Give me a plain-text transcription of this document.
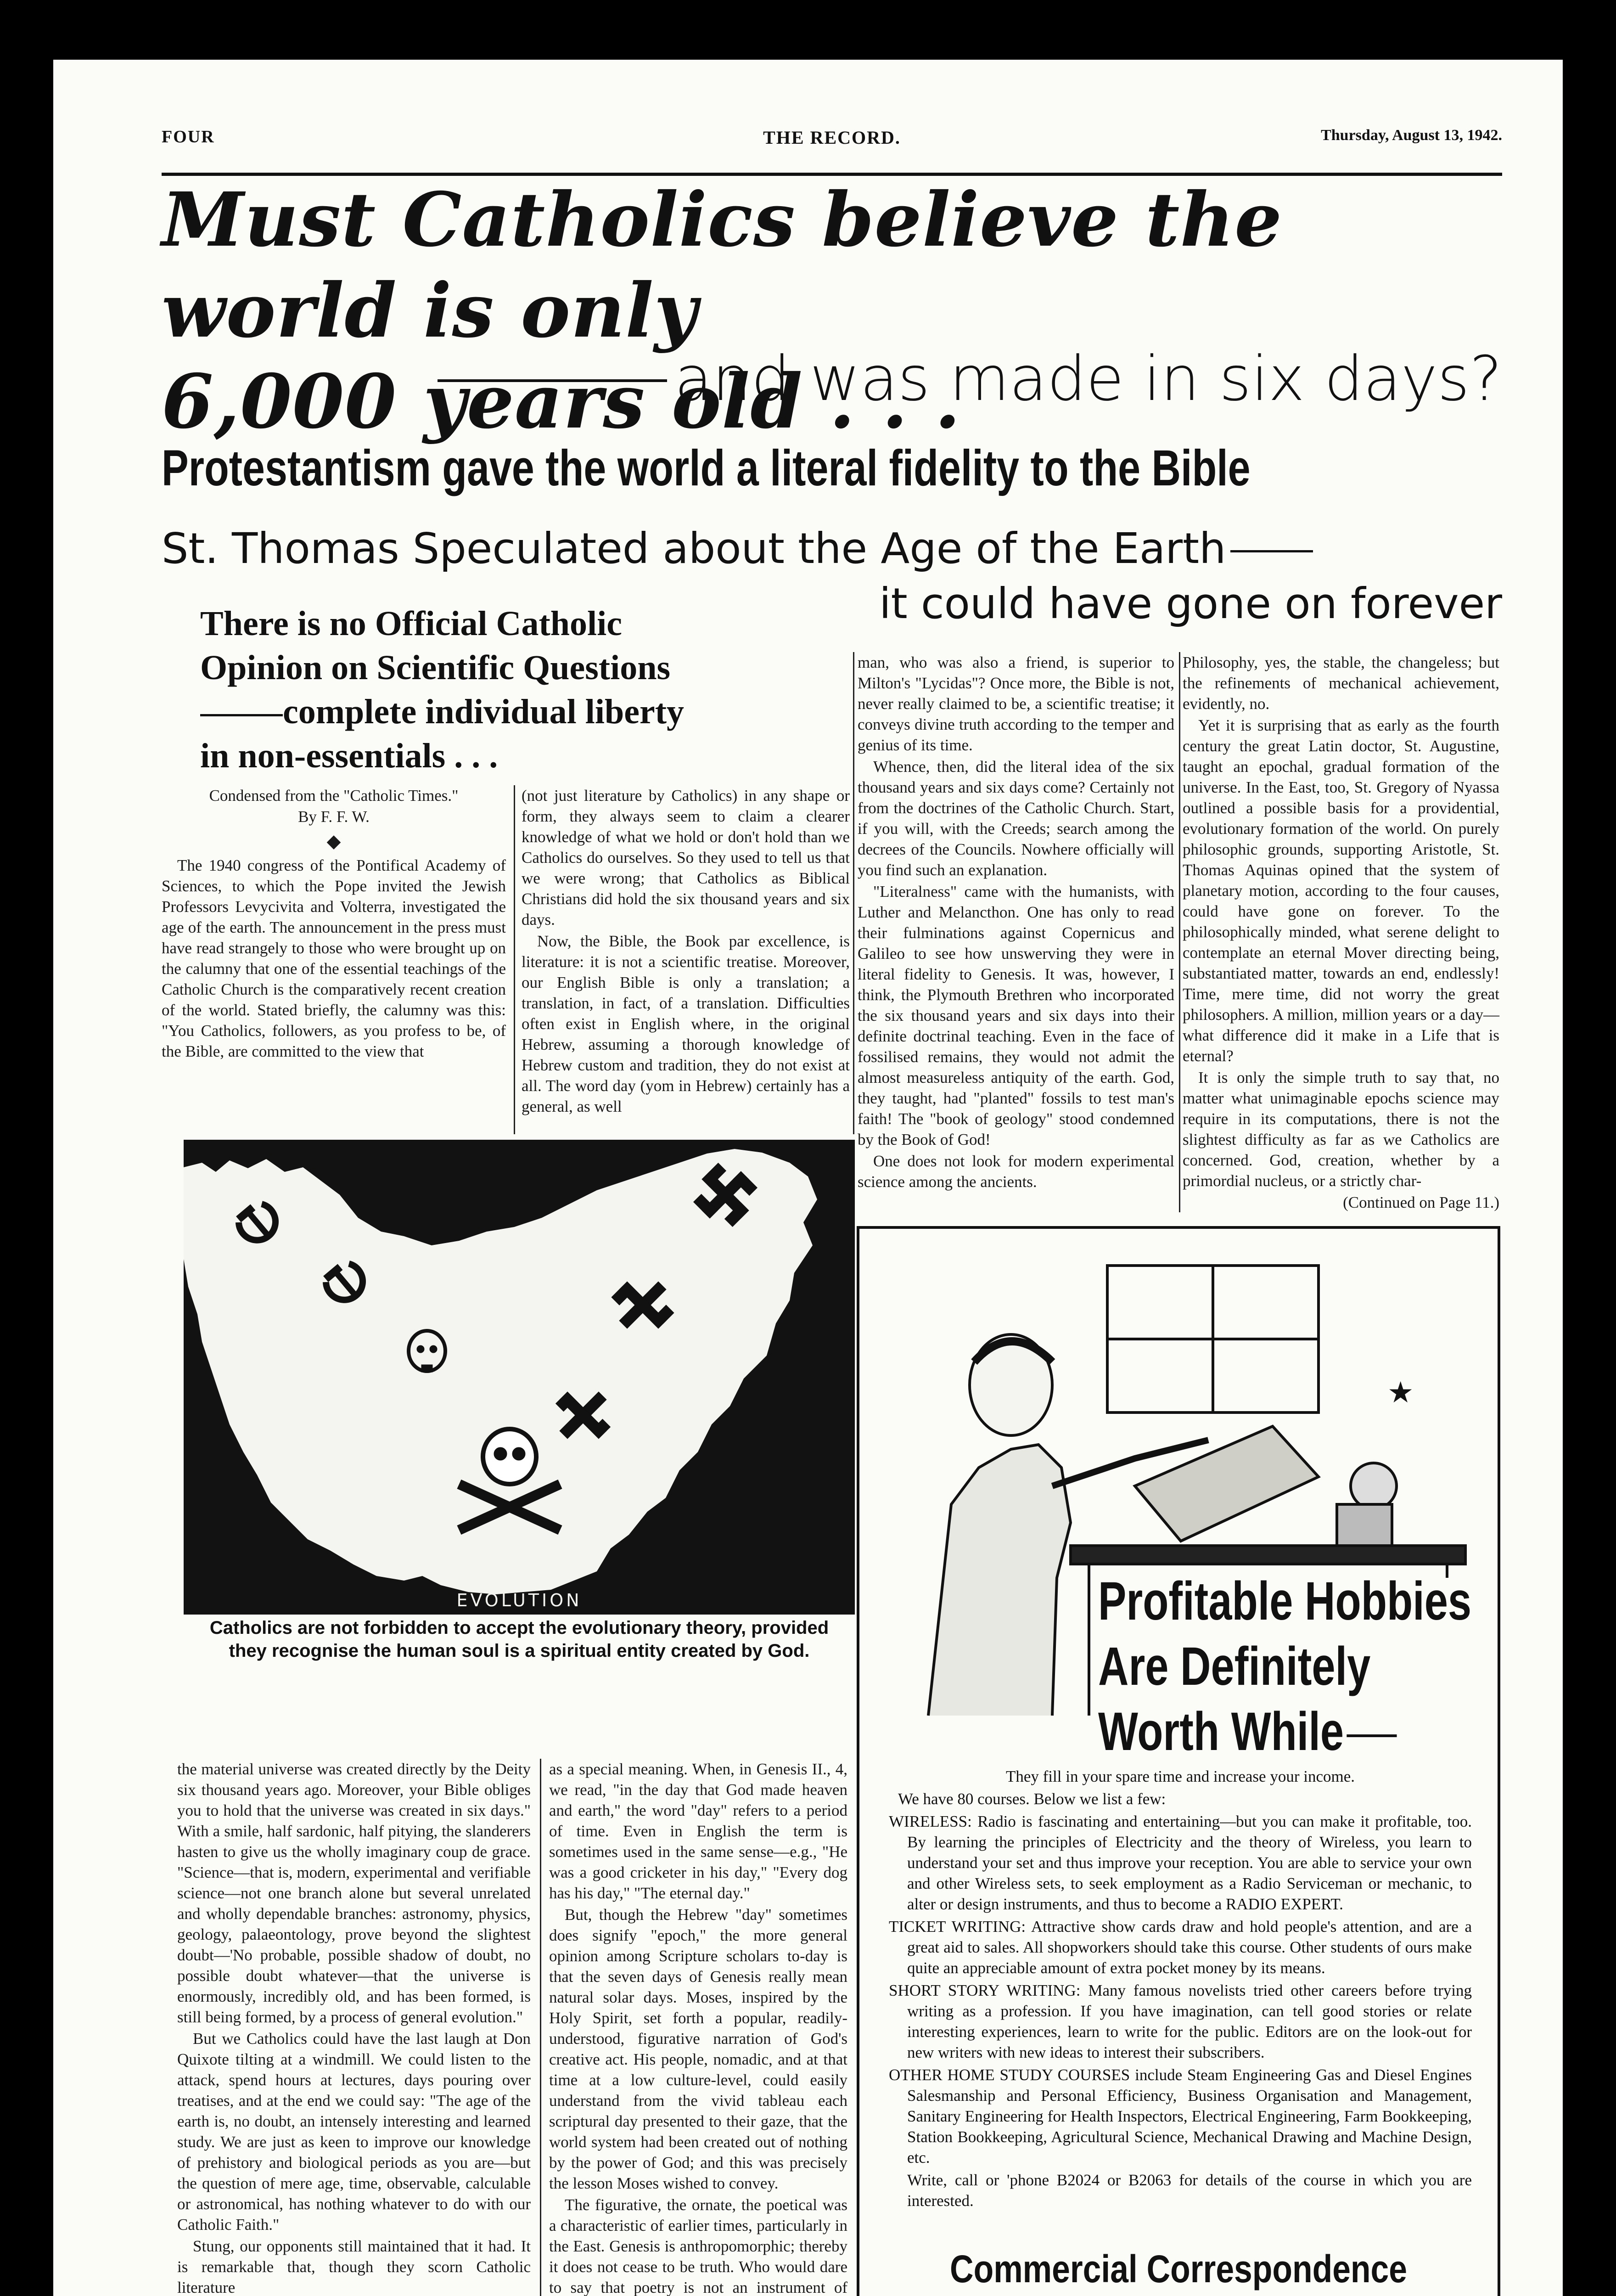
FOUR	THE RECORD.	Thursday, August 13, 1942.
Must Catholics believe the world is only
6,000 years old . . .
and was made in six days?
Protestantism gave the world a literal fidelity to the Bible
St. Thomas Speculated about the Age of the Earth
it could have gone on forever
There is no Official Catholic
Opinion on Scientific Questions
complete individual liberty
in non-essentials . . .
Condensed from the "Catholic Times."
By F. F. W.
◆

The 1940 congress of the Pontifical Academy of Sciences, to which the Pope invited the Jewish Professors Levycivita and Volterra, investigated the age of the earth. The announcement in the press must have read strangely to those who were brought up on the calumny that one of the essential teachings of the Catholic Church is the comparatively recent creation of the world. Stated briefly, the calumny was this: "You Catholics, followers, as you profess to be, of the Bible, are committed to the view that

(not just literature by Catholics) in any shape or form, they always seem to claim a clearer knowledge of what we hold or don't hold than we Catholics do ourselves. So they used to tell us that we were wrong; that Catholics as Biblical Christians did hold the six thousand years and six days.

Now, the Bible, the Book par excellence, is literature: it is not a scientific treatise. Moreover, our English Bible is only a translation; a translation, in fact, of a translation. Difficulties often exist in English where, in the original Hebrew, assuming a thorough knowledge of Hebrew custom and tradition, they do not exist at all. The word day (yom in Hebrew) certainly has a general, as well

man, who was also a friend, is superior to Milton's "Lycidas"? Once more, the Bible is not, never really claimed to be, a scientific treatise; it conveys divine truth according to the temper and genius of its time.

Whence, then, did the literal idea of the six thousand years and six days come? Certainly not from the doctrines of the Catholic Church. Start, if you will, with the Creeds; search among the decrees of the Councils. Nowhere officially will you find such an explanation.

"Literalness" came with the humanists, with Luther and Melancthon. One has only to read their fulminations against Copernicus and Galileo to see how unswerving they were in literal fidelity to Genesis. It was, however, I think, the Plymouth Brethren who incorporated the six thousand years and six days into their definite doctrinal teaching. Even in the face of fossilised remains, they would not admit the almost measureless antiquity of the earth. God, they taught, had "planted" fossils to test man's faith! The "book of geology" stood condemned by the Book of God!

One does not look for modern experimental science among the ancients.

Philosophy, yes, the stable, the changeless; but the refinements of mechanical achievement, evidently, no.

Yet it is surprising that as early as the fourth century the great Latin doctor, St. Augustine, taught an epochal, gradual formation of the universe. In the East, too, St. Gregory of Nyassa outlined a possible basis for a providential, evolutionary formation of the world. On purely philosophic grounds, supporting Aristotle, St. Thomas Aquinas opined that the system of planetary motion, according to the four causes, could have gone on forever. To the philosophically minded, what serene delight to contemplate an eternal Mover directing being, substantiated matter, towards an end, endlessly! Time, mere time, did not worry the great philosophers. A million, million years or a day—what difference did it make in a Life that is eternal?

It is only the simple truth to say that, no matter what unimaginable epochs science may require in its computations, there is not the slightest difficulty as far as we Catholics are concerned. God, creation, whether by a primordial nucleus, or a strictly char-

(Continued on Page 11.)
EVOLUTION
Catholics are not forbidden to accept the evolutionary theory, provided they recognise the human soul is a spiritual entity created by God.

the material universe was created directly by the Deity six thousand years ago. Moreover, your Bible obliges you to hold that the universe was created in six days." With a smile, half sardonic, half pitying, the slanderers hasten to give us the wholly imaginary coup de grace. "Science—that is, modern, experimental and verifiable science—not one branch alone but several unrelated and wholly dependable branches: astronomy, physics, geology, palaeontology, prove beyond the slightest doubt—'No probable, possible shadow of doubt, no possible doubt whatever—that the universe is enormously, incredibly old, and has been formed, is still being formed, by a process of general evolution."

But we Catholics could have the last laugh at Don Quixote tilting at a windmill. We could listen to the attack, spend hours at lectures, days pouring over treatises, and at the end we could say: "The age of the earth is, no doubt, an intensely interesting and learned study. We are just as keen to improve our knowledge of prehistory and biological periods as you are—but the question of mere age, time, observable, calculable or astronomical, has nothing whatever to do with our Catholic Faith."

Stung, our opponents still maintained that it had. It is remarkable that, though they scorn Catholic literature

as a special meaning. When, in Genesis II., 4, we read, "in the day that God made heaven and earth," the word "day" refers to a period of time. Even in English the term is sometimes used in the same sense—e.g., "He was a good cricketer in his day," "Every dog has his day," "The eternal day."

But, though the Hebrew "day" sometimes does signify "epoch," the more general opinion among Scripture scholars to-day is that the seven days of Genesis really mean natural solar days. Moses, inspired by the Holy Spirit, set forth a popular, readily-understood, figurative narration of God's creative act. His people, nomadic, and at that time at a low culture-level, could easily understand from the vivid tableau each scriptural day presented to their gaze, that the world system had been created out of nothing by the power of God; and this was precisely the lesson Moses wished to convey.

The figurative, the ornate, the poetical was a characteristic of earlier times, particularly in the East. Genesis is anthropomorphic; thereby it does not cease to be truth. Who would dare to say that poetry is not an instrument of

★
Profitable Hobbies
Are Definitely
Worth While

They fill in your spare time and increase your income.

We have 80 courses. Below we list a few:

WIRELESS: Radio is fascinating and entertaining—but you can make it profitable, too. By learning the principles of Electricity and the theory of Wireless, you learn to understand your set and thus improve your reception. You are able to service your own and other Wireless sets, to seek employment as a Radio Serviceman or mechanic, to alter or design instruments, and thus to become a RADIO EXPERT.

TICKET WRITING: Attractive show cards draw and hold people's attention, and are a great aid to sales. All shopworkers should take this course. Other students of ours make quite an appreciable amount of extra pocket money by its means.

SHORT STORY WRITING: Many famous novelists tried other careers before trying writing as a profession. If you have imagination, can tell good stories or relate interesting experiences, learn to write for the public. Editors are on the look-out for new writers with new ideas to interest their subscribers.

OTHER HOME STUDY COURSES include Steam Engineering Gas and Diesel Engines Salesmanship and Personal Efficiency, Business Organisation and Management, Sanitary Engineering for Health Inspectors, Electrical Engineering, Farm Bookkeeping, Station Bookkeeping, Agricultural Science, Mechanical Drawing and Machine Design, etc.

Write, call or 'phone B2024 or B2063 for details of the course in which you are interested.

Commercial Correspondence
